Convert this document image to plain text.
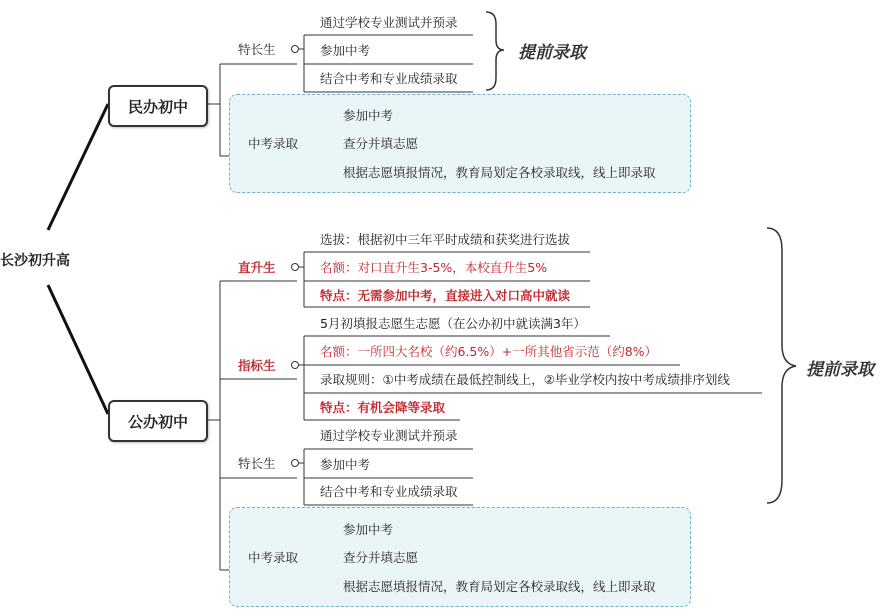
长沙初升高
民办初中
公办初中
特长生
通过学校专业测试并预录
参加中考
结合中考和专业成绩录取
中考录取
参加中考
查分并填志愿
根据志愿填报情况，教育局划定各校录取线，线上即录取
提前录取
直升生
选拔：根据初中三年平时成绩和获奖进行选拔
名额：对口直升生3-5%，本校直升生5%
特点：无需参加中考，直接进入对口高中就读
指标生
5月初填报志愿生志愿（在公办初中就读满3年）
名额：一所四大名校（约6.5%）+一所其他省示范（约8%）
录取规则：①中考成绩在最低控制线上，②毕业学校内按中考成绩排序划线
特点：有机会降等录取
特长生
通过学校专业测试并预录
参加中考
结合中考和专业成绩录取
中考录取
参加中考
查分并填志愿
根据志愿填报情况，教育局划定各校录取线，线上即录取
提前录取
